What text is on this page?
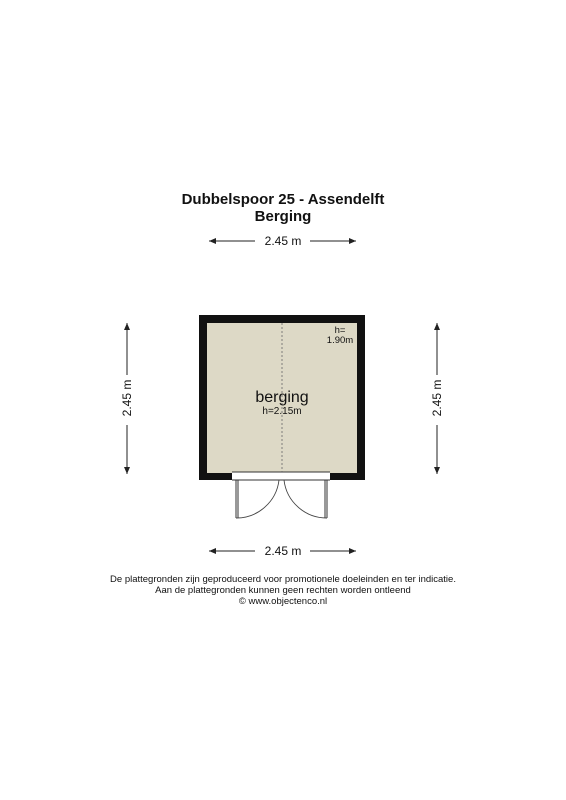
Dubbelspoor 25 - Assendelft
Berging
2.45 m
2.45 m
2.45 m	2.45 m
berging
h=2.15m
h=
1.90m
De plattegronden zijn geproduceerd voor promotionele doeleinden en ter indicatie.
Aan de plattegronden kunnen geen rechten worden ontleend
© www.objectenco.nl
